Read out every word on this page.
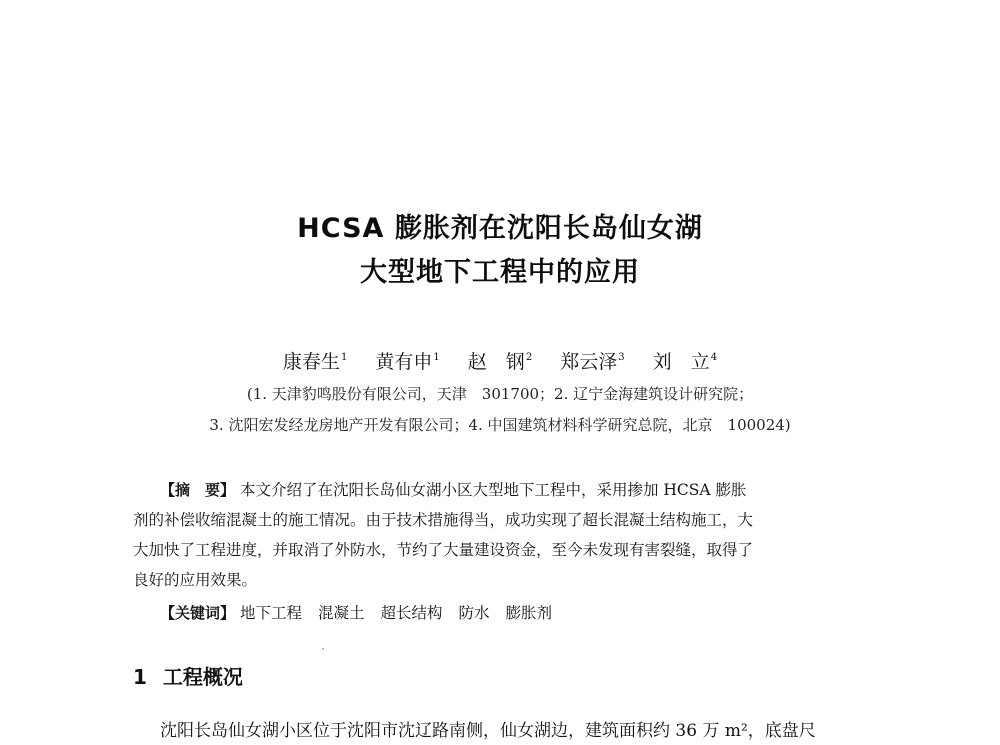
HCSA 膨胀剂在沈阳长岛仙女湖
大型地下工程中的应用
康春生$^1$ 黄有申$^1$ 赵　钢$^2$ 郑云泽$^3$ 刘　立$^4$
(1. 天津豹鸣股份有限公司，天津　301700；2. 辽宁金海建筑设计研究院；
3. 沈阳宏发经龙房地产开发有限公司；4. 中国建筑材料科学研究总院，北京　100024)
【摘　要】 本文介绍了在沈阳长岛仙女湖小区大型地下工程中，采用掺加 HCSA 膨胀
剂的补偿收缩混凝土的施工情况。由于技术措施得当，成功实现了超长混凝土结构施工，大
大加快了工程进度，并取消了外防水，节约了大量建设资金，至今未发现有害裂缝，取得了
良好的应用效果。
【关键词】 地下工程 混凝土 超长结构 防水 膨胀剂
1 工程概况
沈阳长岛仙女湖小区位于沈阳市沈辽路南侧，仙女湖边，建筑面积约 36 万 m²，底盘尺
